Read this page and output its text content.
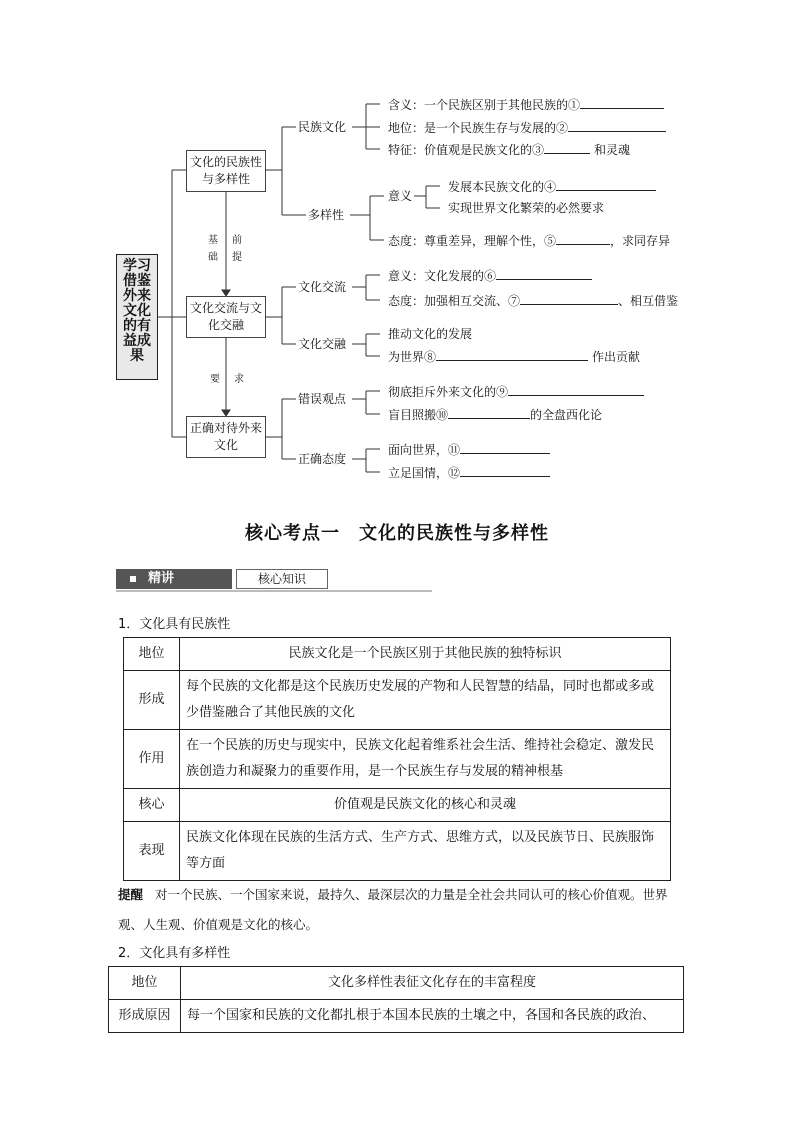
学习借鉴外来文化的有益成果
文化的民族性与多样性
文化交流与文化交融
正确对待外来文化
基础
前提
要 求
民族文化
含义：一个民族区别于其他民族的①
地位：是一个民族生存与发展的②
特征：价值观是民族文化的③	和灵魂
多样性
意义
发展本民族文化的④
实现世界文化繁荣的必然要求
态度：尊重差异，理解个性，⑤	，求同存异
文化交流
意义：文化发展的⑥
态度：加强相互交流、⑦	、相互借鉴
文化交融
推动文化的发展
为世界⑧	作出贡献
错误观点	彻底拒斥外来文化的⑨
盲目照搬⑩	的全盘西化论
正确态度
面向世界，⑪
立足国情，⑫
核心考点一　文化的民族性与多样性
精讲	核心知识
1．文化具有民族性
地位	民族文化是一个民族区别于其他民族的独特标识
形成	每个民族的文化都是这个民族历史发展的产物和人民智慧的结晶，同时也都或多或少借鉴融合了其他民族的文化
作用	在一个民族的历史与现实中，民族文化起着维系社会生活、维持社会稳定、激发民族创造力和凝聚力的重要作用，是一个民族生存与发展的精神根基
核心	价值观是民族文化的核心和灵魂
表现	民族文化体现在民族的生活方式、生产方式、思维方式，以及民族节日、民族服饰等方面
提醒 对一个民族、一个国家来说，最持久、最深层次的力量是全社会共同认可的核心价值观。世界观、人生观、价值观是文化的核心。
2．文化具有多样性
地位	文化多样性表征文化存在的丰富程度
形成原因	每一个国家和民族的文化都扎根于本国本民族的土壤之中，各国和各民族的政治、
